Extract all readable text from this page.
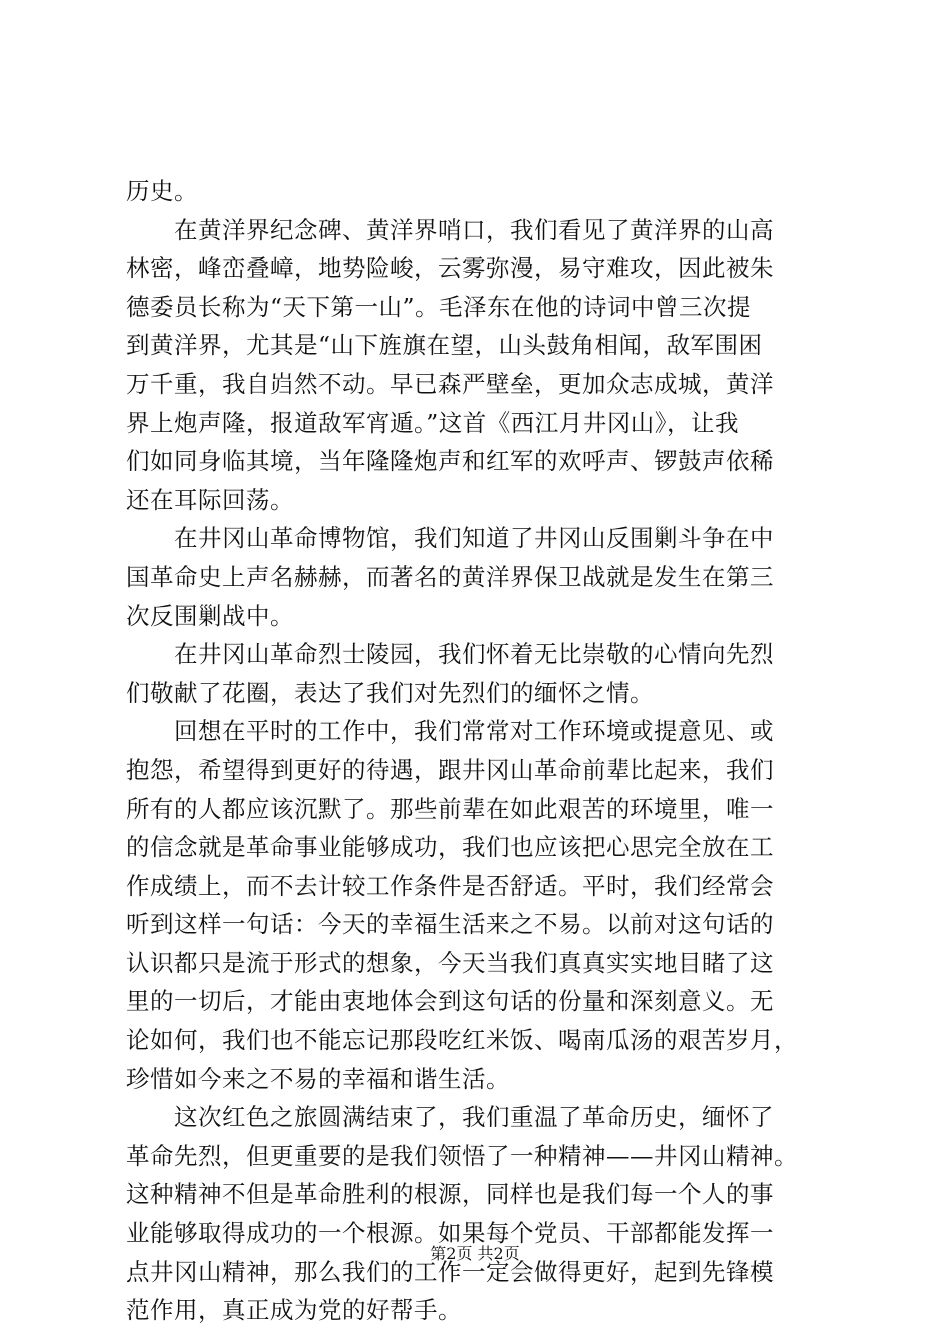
历史。
　　在黄洋界纪念碑、黄洋界哨口，我们看见了黄洋界的山高
林密，峰峦叠嶂，地势险峻，云雾弥漫，易守难攻，因此被朱
德委员长称为“天下第一山”。毛泽东在他的诗词中曾三次提
到黄洋界，尤其是“山下旌旗在望，山头鼓角相闻，敌军围困
万千重，我自岿然不动。早已森严壁垒，更加众志成城，黄洋
界上炮声隆，报道敌军宵遁。”这首《西江月井冈山》，让我
们如同身临其境，当年隆隆炮声和红军的欢呼声、锣鼓声依稀
还在耳际回荡。
　　在井冈山革命博物馆，我们知道了井冈山反围剿斗争在中
国革命史上声名赫赫，而著名的黄洋界保卫战就是发生在第三
次反围剿战中。
　　在井冈山革命烈士陵园，我们怀着无比崇敬的心情向先烈
们敬献了花圈，表达了我们对先烈们的缅怀之情。
　　回想在平时的工作中，我们常常对工作环境或提意见、或
抱怨，希望得到更好的待遇，跟井冈山革命前辈比起来，我们
所有的人都应该沉默了。那些前辈在如此艰苦的环境里，唯一
的信念就是革命事业能够成功，我们也应该把心思完全放在工
作成绩上，而不去计较工作条件是否舒适。平时，我们经常会
听到这样一句话：今天的幸福生活来之不易。以前对这句话的
认识都只是流于形式的想象，今天当我们真真实实地目睹了这
里的一切后，才能由衷地体会到这句话的份量和深刻意义。无
论如何，我们也不能忘记那段吃红米饭、喝南瓜汤的艰苦岁月，
珍惜如今来之不易的幸福和谐生活。
　　这次红色之旅圆满结束了，我们重温了革命历史，缅怀了
革命先烈，但更重要的是我们领悟了一种精神——井冈山精神。
这种精神不但是革命胜利的根源，同样也是我们每一个人的事
业能够取得成功的一个根源。如果每个党员、干部都能发挥一
点井冈山精神，那么我们的工作一定会做得更好，起到先锋模
范作用，真正成为党的好帮手。
第2页 共2页
